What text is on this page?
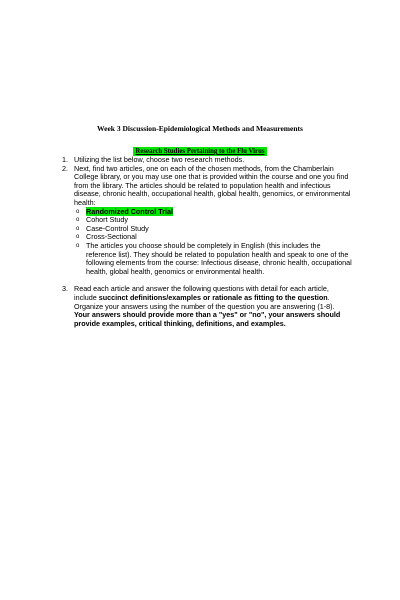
Week 3 Discussion-Epidemiological Methods and Measurements
Research Studies Pertaining to the Flu Virus
1. Utilizing the list below, choose two research methods.
2. Next, find two articles, one on each of the chosen methods, from the Chamberlain College library, or you may use one that is provided within the course and one you find from the library. The articles should be related to population health and infectious disease, chronic health, occupational health, global health, genomics, or environmental health:
o Randomized Control Trial
o Cohort Study
o Case-Control Study
o Cross-Sectional
o The articles you choose should be completely in English (this includes the reference list). They should be related to population health and speak to one of the following elements from the course: Infectious disease, chronic health, occupational health, global health, genomics or environmental health.
3. Read each article and answer the following questions with detail for each article, include succinct definitions/examples or rationale as fitting to the question. Organize your answers using the number of the question you are answering (1-8). Your answers should provide more than a "yes" or "no", your answers should provide examples, critical thinking, definitions, and examples.
